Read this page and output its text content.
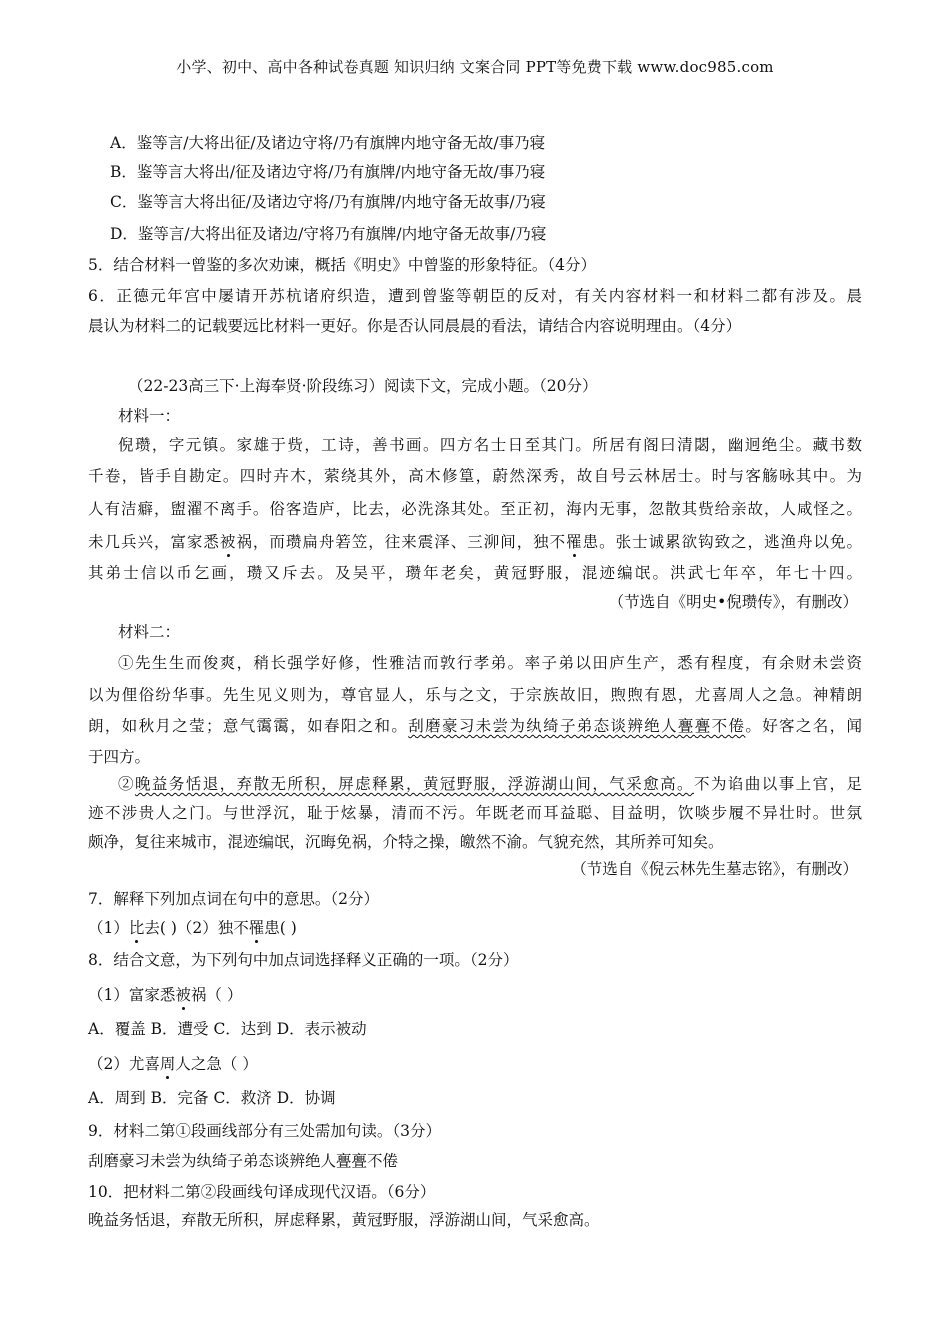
小学、初中、高中各种试卷真题 知识归纳 文案合同 PPT等免费下载 www.doc985.com
A．鉴等言/大将出征/及诸边守将/乃有旗牌内地守备无故/事乃寝
B．鉴等言大将出/征及诸边守将/乃有旗牌/内地守备无故/事乃寝
C．鉴等言大将出征/及诸边守将/乃有旗牌/内地守备无故事/乃寝
D．鉴等言/大将出征及诸边/守将乃有旗牌/内地守备无故事/乃寝
5．结合材料一曾鉴的多次劝谏，概括《明史》中曾鉴的形象特征。（4分）
6．正德元年宫中屡请开苏杭诸府织造，遭到曾鉴等朝臣的反对，有关内容材料一和材料二都有涉及。晨
晨认为材料二的记载要远比材料一更好。你是否认同晨晨的看法，请结合内容说明理由。（4分）
（22-23高三下·上海奉贤·阶段练习）阅读下文，完成小题。（20分）
材料一：
倪瓒，字元镇。家雄于赀，工诗，善书画。四方名士日至其门。所居有阁曰清閟，幽迥绝尘。藏书数
千卷，皆手自勘定。四时卉木，萦绕其外，高木修篁，蔚然深秀，故自号云林居士。时与客觞咏其中。为
人有洁癖，盥濯不离手。俗客造庐，比去，必洗涤其处。至正初，海内无事，忽散其赀给亲故，人咸怪之。
未几兵兴，富家悉被祸，而瓒扁舟箬笠，往来震泽、三泖间，独不罹患。张士诚累欲钩致之，逃渔舟以免。
其弟士信以币乞画，瓒又斥去。及吴平，瓒年老矣，黄冠野服，混迹编氓。洪武七年卒，年七十四。
（ 节选自《明史•倪瓒传》，有删改 ）
材料二：
①先生生而俊爽，稍长强学好修，性雅洁而敦行孝弟。率子弟以田庐生产，悉有程度，有余财未尝资
以为俚俗纷华事。先生见义则为，尊官显人，乐与之文，于宗族故旧，煦煦有恩，尤喜周人之急。神精朗
朗，如秋月之莹；意气霭霭，如春阳之和。刮磨豪习未尝为纨绮子弟态谈辨绝人亹亹不倦。好客之名，闻
于四方。
②晚益务恬退，弃散无所积，屏虑释累，黄冠野服，浮游湖山间，气采愈高。不为谄曲以事上官，足
迹不涉贵人之门。与世浮沉，耻于炫暴，清而不污。年既老而耳益聪、目益明，饮啖步履不异壮时。世氛
颇净，复往来城市，混迹编氓，沉晦免祸，介特之操，皦然不渝。气貌充然，其所养可知矣。
（ 节选自《倪云林先生墓志铭》，有删改 ）
7．解释下列加点词在句中的意思。（2分）
（1）比去( )（2）独不罹患( )
8．结合文意，为下列句中加点词选择释义正确的一项。（2分）
（1）富家悉被祸（ ）
A．覆盖 B．遭受 C．达到 D．表示被动
（2）尤喜周人之急（ ）
A．周到 B．完备 C．救济 D．协调
9．材料二第①段画线部分有三处需加句读。（3分）
刮磨豪习未尝为纨绮子弟态谈辨绝人亹亹不倦
10．把材料二第②段画线句译成现代汉语。（6分）
晚益务恬退，弃散无所积，屏虑释累，黄冠野服，浮游湖山间，气采愈高。
